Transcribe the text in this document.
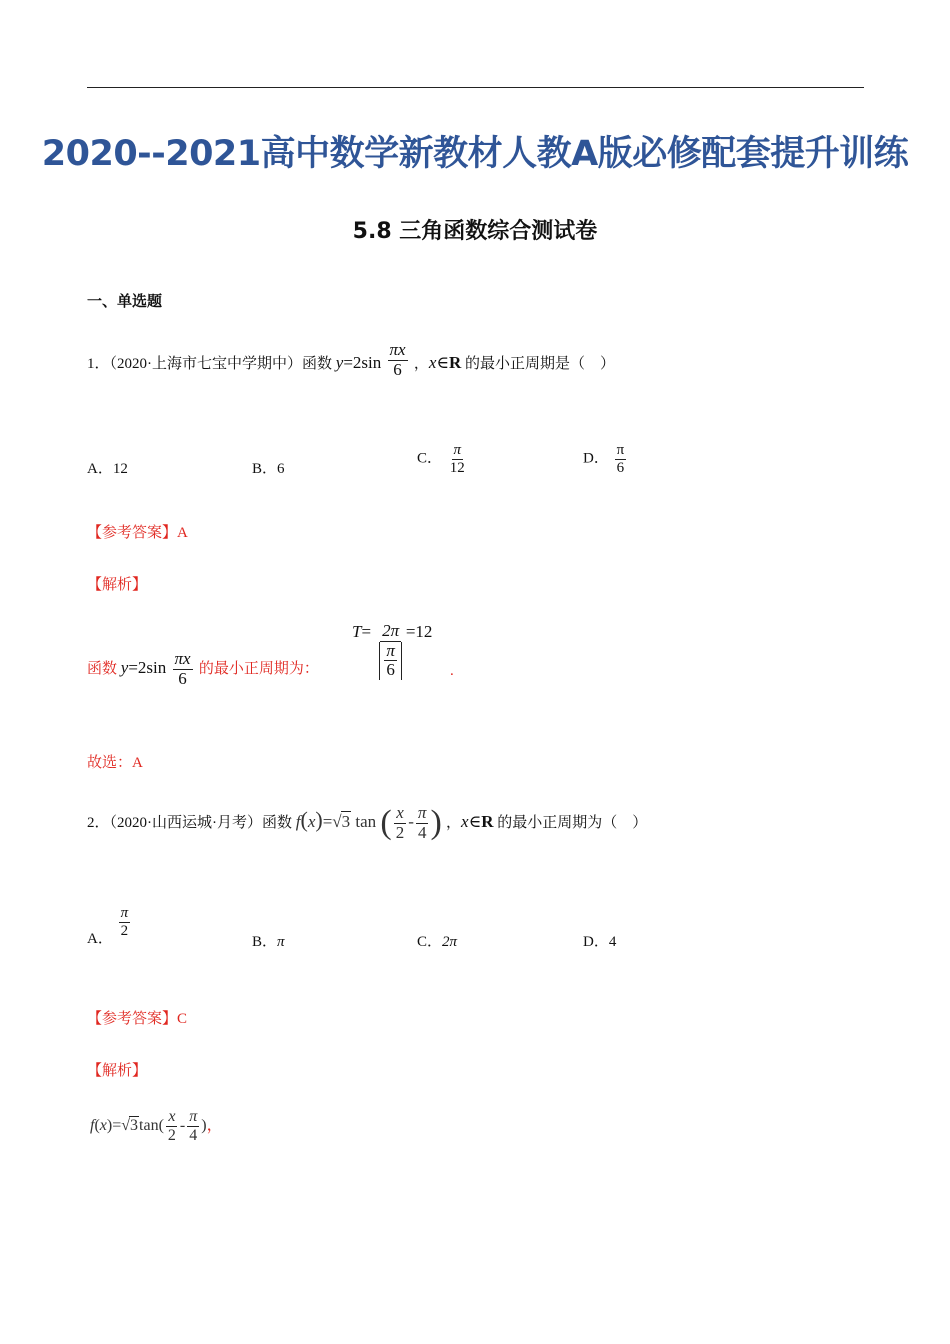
2020--2021高中数学新教材人教A版必修配套提升训练
5.8 三角函数综合测试卷
一、单选题
1．（2020·上海市七宝中学期中）函数 $y=2\sin \frac{\pi x}{6}$ ，x∈R 的最小正周期是（　）
A．12	B．6
C． $\frac{\pi}{12}$	D． $\frac{\pi}{6}$
【参考答案】A
【解析】
函数 $y=2\sin \frac{\pi x}{6}$ 的最小正周期为：
$T= \frac{2\pi}{\frac{\pi}{6}} =12$
.
故选：A
2．（2020·山西运城·月考）函数 f(x)=√3 tan ( $\frac{x}{2} - \frac{\pi}{4}$ ) ，x∈R 的最小正周期为（　）
A．
$\frac{\pi}{2}$
B．π	C．2π	D．4
【参考答案】C
【解析】
$f(x)=√3\tan( \frac{x}{2} - \frac{\pi}{4}$ )，
